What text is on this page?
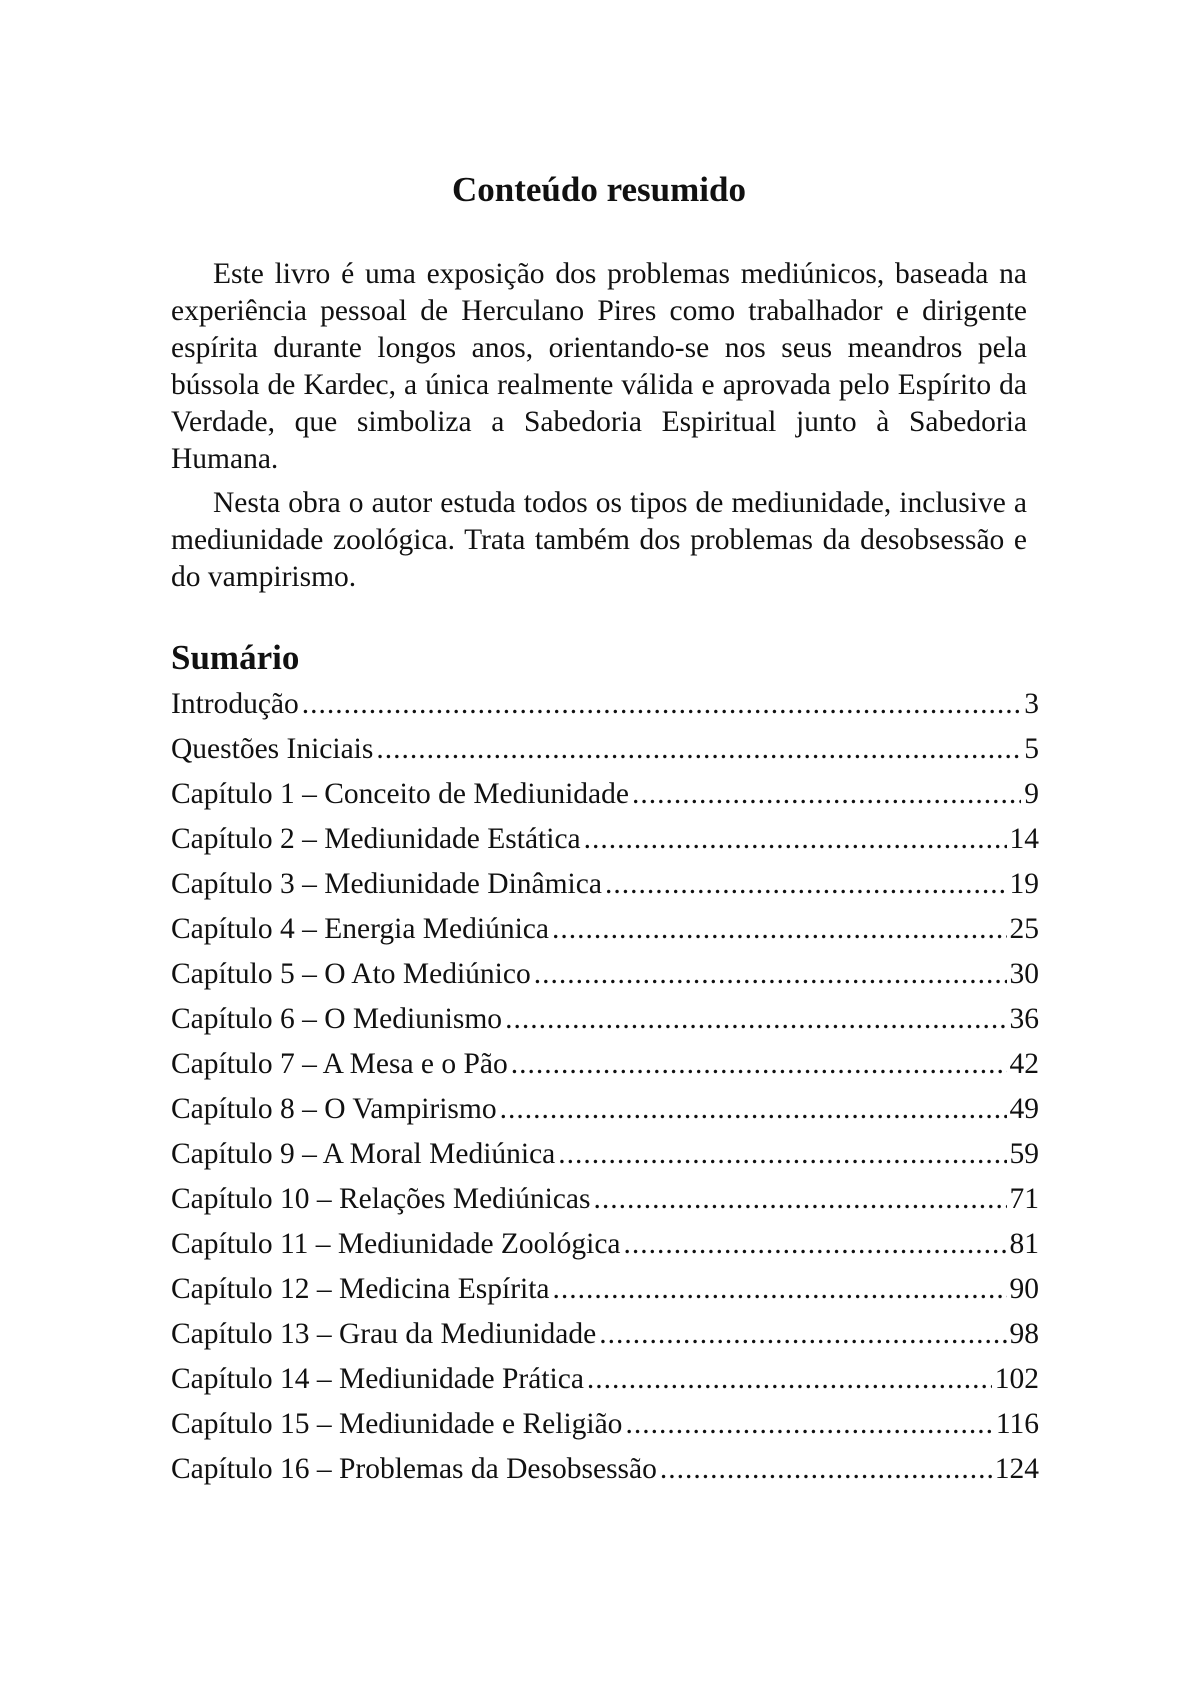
Conteúdo resumido

Este livro é uma exposição dos problemas mediúnicos, baseada na experiência pessoal de Herculano Pires como trabalhador e dirigente espírita durante longos anos, orientando-se nos seus meandros pela bússola de Kardec, a única realmente válida e aprovada pelo Espírito da Verdade, que simboliza a Sabedoria Espiritual junto à Sabedoria Humana.

Nesta obra o autor estuda todos os tipos de mediunidade, inclusive a mediunidade zoológica. Trata também dos problemas da desobsessão e do vampirismo.

Sumário
Introdução .....	3
Questões Iniciais .....	5
Capítulo 1 – Conceito de Mediunidade .....	9
Capítulo 2 – Mediunidade Estática .....	14
Capítulo 3 – Mediunidade Dinâmica .....	19
Capítulo 4 – Energia Mediúnica .....	25
Capítulo 5 – O Ato Mediúnico .....	30
Capítulo 6 – O Mediunismo .....	36
Capítulo 7 – A Mesa e o Pão .....	42
Capítulo 8 – O Vampirismo .....	49
Capítulo 9 – A Moral Mediúnica .....	59
Capítulo 10 – Relações Mediúnicas .....	71
Capítulo 11 – Mediunidade Zoológica .....	81
Capítulo 12 – Medicina Espírita .....	90
Capítulo 13 – Grau da Mediunidade .....	98
Capítulo 14 – Mediunidade Prática .....	102
Capítulo 15 – Mediunidade e Religião .....	116
Capítulo 16 – Problemas da Desobsessão .....	124
